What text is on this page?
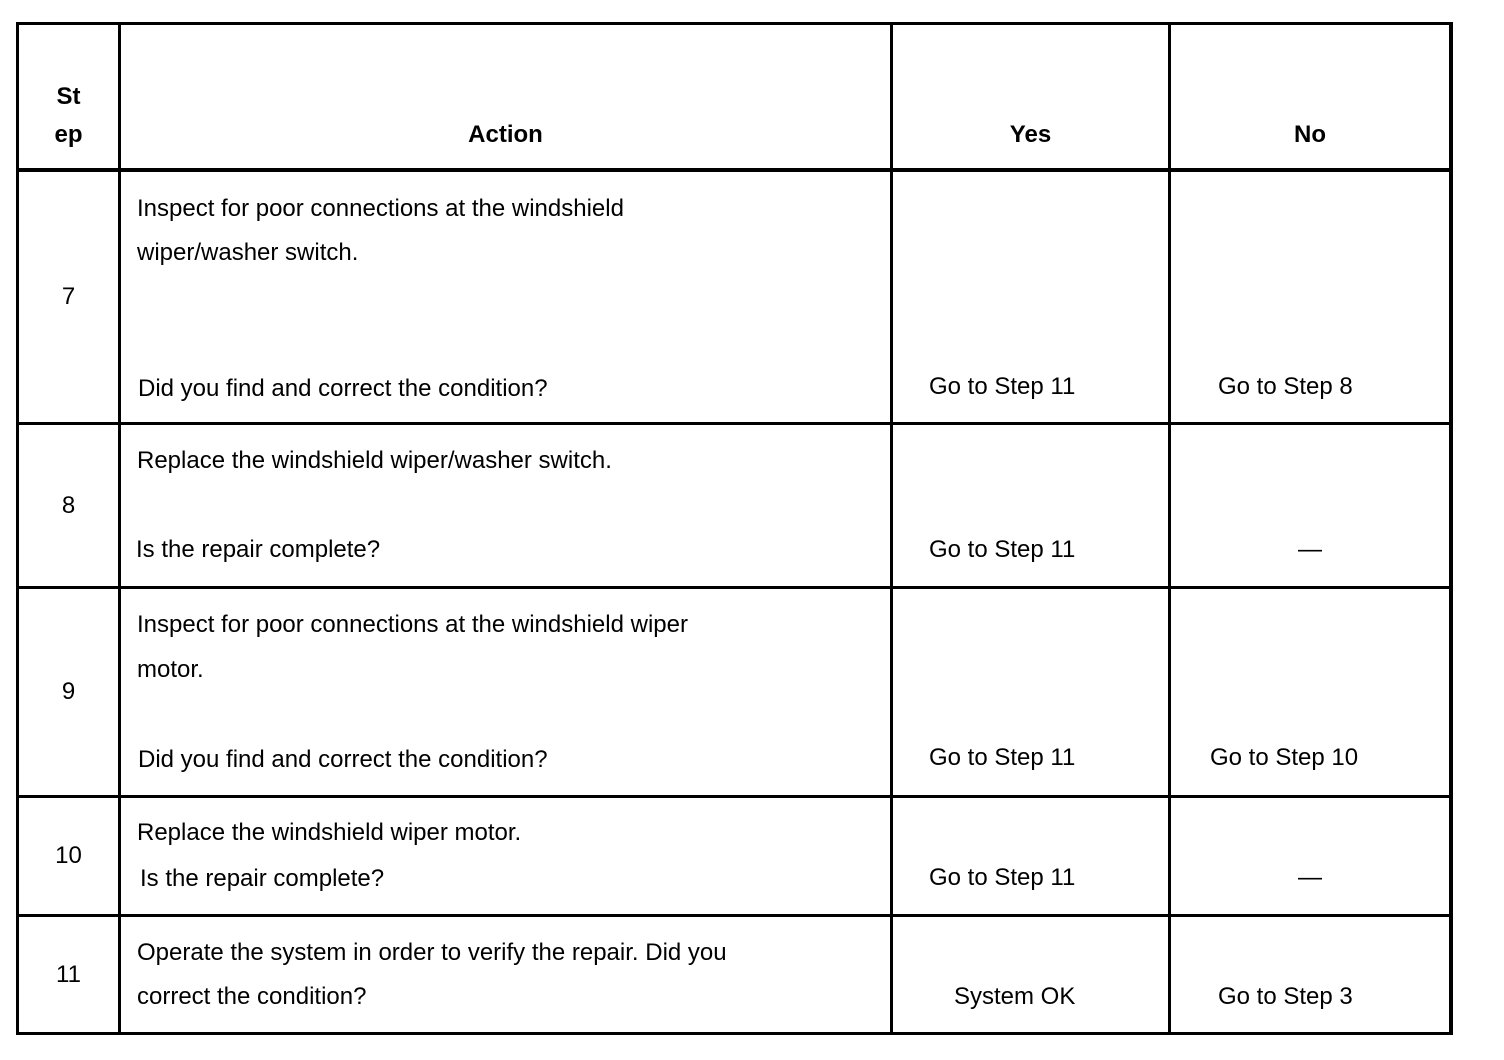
St
ep	Action	Yes	No
7
Inspect for poor connections at the windshield
wiper/washer switch.
Did you find and correct the condition?	Go to Step 11	Go to Step 8
8
Replace the windshield wiper/washer switch.
Is the repair complete?	Go to Step 11	—
9
Inspect for poor connections at the windshield wiper
motor.
Did you find and correct the condition?	Go to Step 11	Go to Step 10
10
Replace the windshield wiper motor.
Is the repair complete?	Go to Step 11	—
11
Operate the system in order to verify the repair. Did you
correct the condition?	System OK	Go to Step 3
